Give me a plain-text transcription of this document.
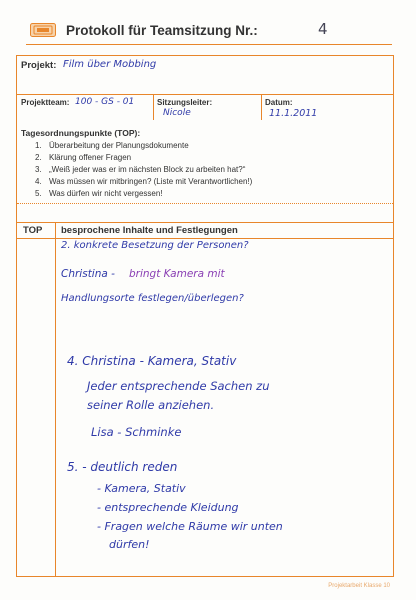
Protokoll für Teamsitzung Nr.:	4
Projekt: Film über Mobbing
Projektteam: 100 - GS - 01	Sitzungsleiter:
Nicole
Datum:
11.1.2011
Tagesordnungspunkte (TOP):
1. Überarbeitung der Planungsdokumente
2. Klärung offener Fragen
3. „Weiß jeder was er im nächsten Block zu arbeiten hat?“
4. Was müssen wir mitbringen? (Liste mit Verantwortlichen!)
5. Was dürfen wir nicht vergessen!
TOP besprochene Inhalte und Festlegungen
2. konkrete Besetzung der Personen?
Christina - bringt Kamera mit
Handlungsorte festlegen/überlegen?
4. Christina - Kamera, Stativ
Jeder entsprechende Sachen zu
seiner Rolle anziehen.
Lisa - Schminke
5. - deutlich reden
- Kamera, Stativ
- entsprechende Kleidung
- Fragen welche Räume wir unten
dürfen!
Projektarbeit Klasse 10
